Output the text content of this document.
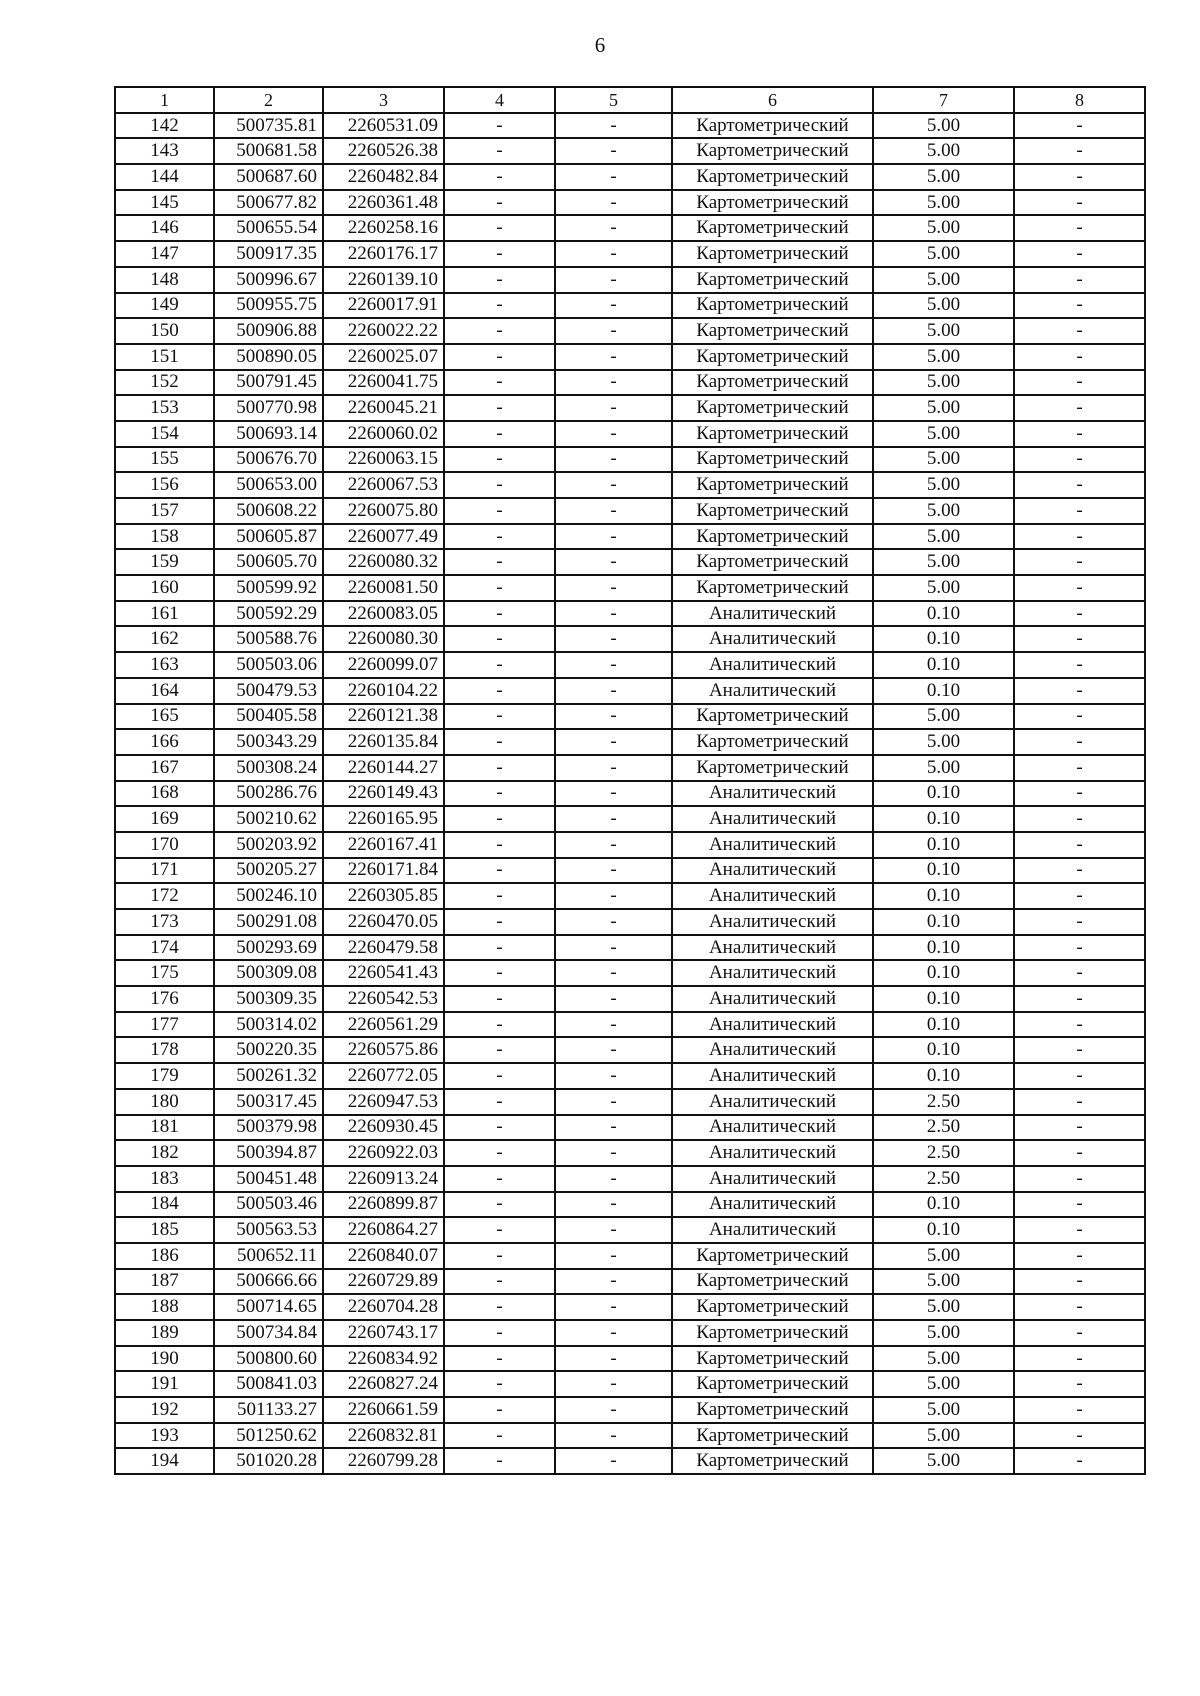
6
1	2	3	4	5	6	7	8
142	500735.81	2260531.09	-	-	Картометрический	5.00	-
143	500681.58	2260526.38	-	-	Картометрический	5.00	-
144	500687.60	2260482.84	-	-	Картометрический	5.00	-
145	500677.82	2260361.48	-	-	Картометрический	5.00	-
146	500655.54	2260258.16	-	-	Картометрический	5.00	-
147	500917.35	2260176.17	-	-	Картометрический	5.00	-
148	500996.67	2260139.10	-	-	Картометрический	5.00	-
149	500955.75	2260017.91	-	-	Картометрический	5.00	-
150	500906.88	2260022.22	-	-	Картометрический	5.00	-
151	500890.05	2260025.07	-	-	Картометрический	5.00	-
152	500791.45	2260041.75	-	-	Картометрический	5.00	-
153	500770.98	2260045.21	-	-	Картометрический	5.00	-
154	500693.14	2260060.02	-	-	Картометрический	5.00	-
155	500676.70	2260063.15	-	-	Картометрический	5.00	-
156	500653.00	2260067.53	-	-	Картометрический	5.00	-
157	500608.22	2260075.80	-	-	Картометрический	5.00	-
158	500605.87	2260077.49	-	-	Картометрический	5.00	-
159	500605.70	2260080.32	-	-	Картометрический	5.00	-
160	500599.92	2260081.50	-	-	Картометрический	5.00	-
161	500592.29	2260083.05	-	-	Аналитический	0.10	-
162	500588.76	2260080.30	-	-	Аналитический	0.10	-
163	500503.06	2260099.07	-	-	Аналитический	0.10	-
164	500479.53	2260104.22	-	-	Аналитический	0.10	-
165	500405.58	2260121.38	-	-	Картометрический	5.00	-
166	500343.29	2260135.84	-	-	Картометрический	5.00	-
167	500308.24	2260144.27	-	-	Картометрический	5.00	-
168	500286.76	2260149.43	-	-	Аналитический	0.10	-
169	500210.62	2260165.95	-	-	Аналитический	0.10	-
170	500203.92	2260167.41	-	-	Аналитический	0.10	-
171	500205.27	2260171.84	-	-	Аналитический	0.10	-
172	500246.10	2260305.85	-	-	Аналитический	0.10	-
173	500291.08	2260470.05	-	-	Аналитический	0.10	-
174	500293.69	2260479.58	-	-	Аналитический	0.10	-
175	500309.08	2260541.43	-	-	Аналитический	0.10	-
176	500309.35	2260542.53	-	-	Аналитический	0.10	-
177	500314.02	2260561.29	-	-	Аналитический	0.10	-
178	500220.35	2260575.86	-	-	Аналитический	0.10	-
179	500261.32	2260772.05	-	-	Аналитический	0.10	-
180	500317.45	2260947.53	-	-	Аналитический	2.50	-
181	500379.98	2260930.45	-	-	Аналитический	2.50	-
182	500394.87	2260922.03	-	-	Аналитический	2.50	-
183	500451.48	2260913.24	-	-	Аналитический	2.50	-
184	500503.46	2260899.87	-	-	Аналитический	0.10	-
185	500563.53	2260864.27	-	-	Аналитический	0.10	-
186	500652.11	2260840.07	-	-	Картометрический	5.00	-
187	500666.66	2260729.89	-	-	Картометрический	5.00	-
188	500714.65	2260704.28	-	-	Картометрический	5.00	-
189	500734.84	2260743.17	-	-	Картометрический	5.00	-
190	500800.60	2260834.92	-	-	Картометрический	5.00	-
191	500841.03	2260827.24	-	-	Картометрический	5.00	-
192	501133.27	2260661.59	-	-	Картометрический	5.00	-
193	501250.62	2260832.81	-	-	Картометрический	5.00	-
194	501020.28	2260799.28	-	-	Картометрический	5.00	-
